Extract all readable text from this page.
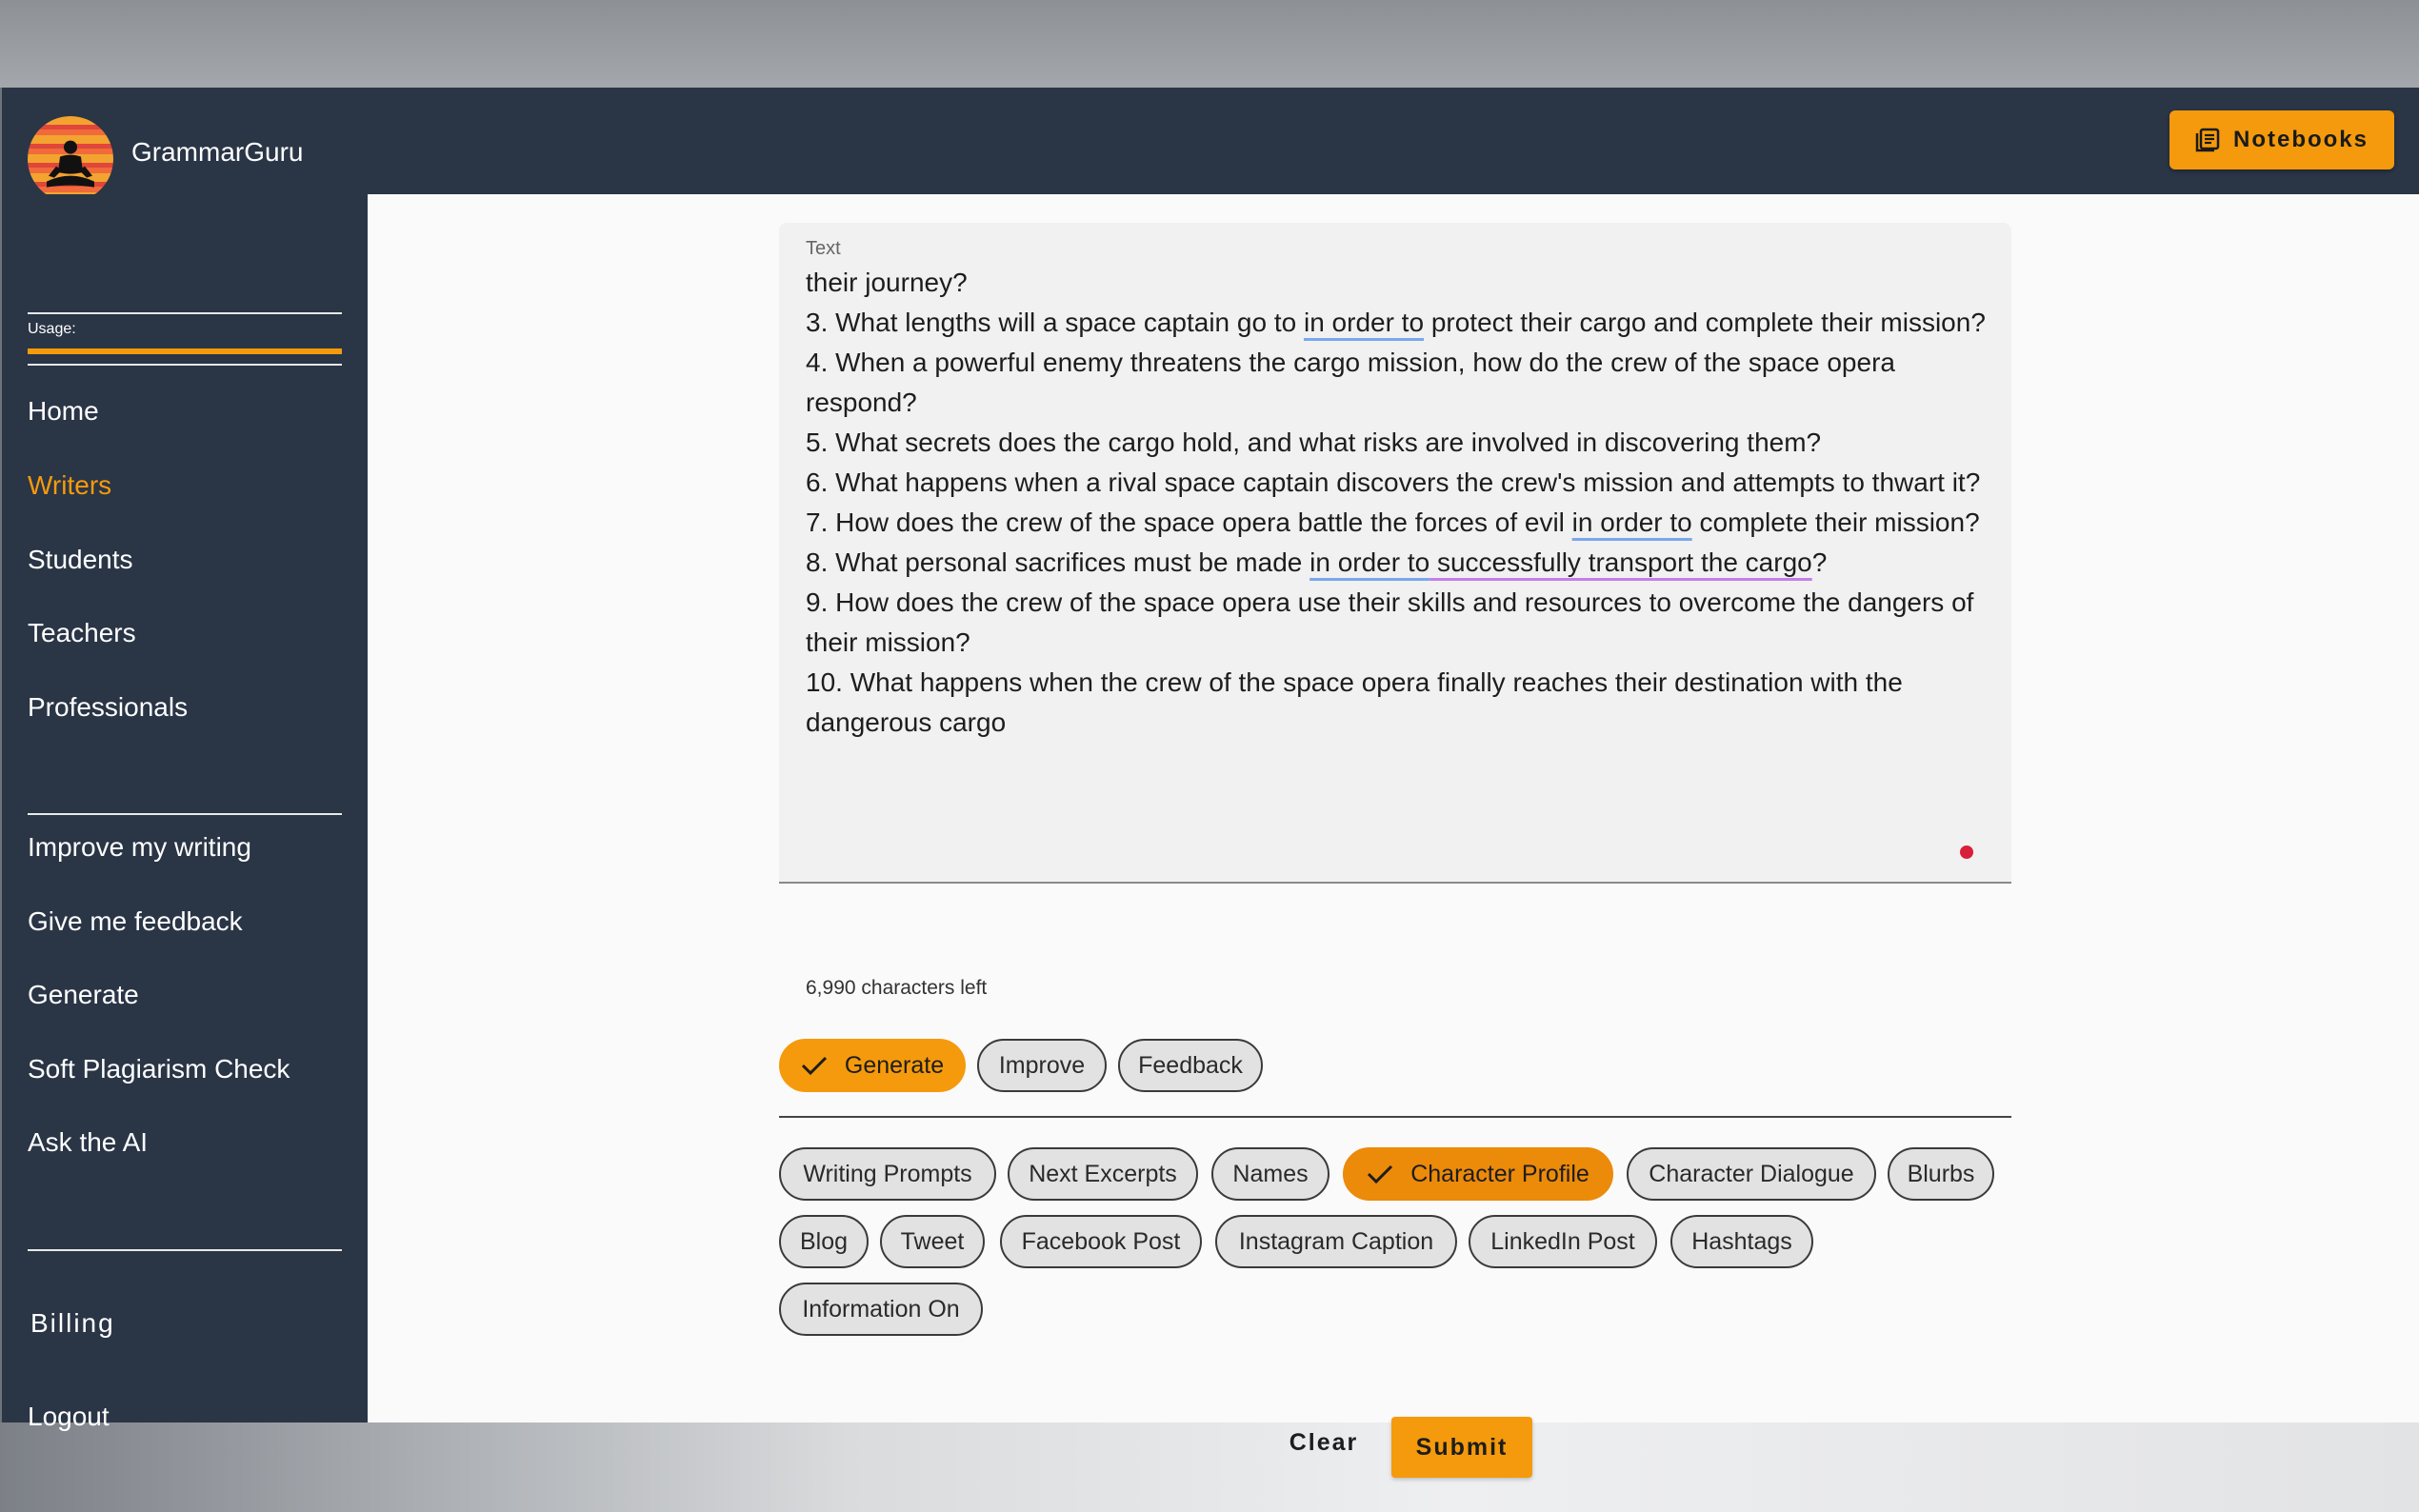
GrammarGuru	Notebooks
Usage:
Home
Writers
Students
Teachers
Professionals
Improve my writing
Give me feedback
Generate
Soft Plagiarism Check
Ask the AI
Billing
Logout
Text
their journey?
3. What lengths will a space captain go to in order to protect their cargo and complete their mission?
4. When a powerful enemy threatens the cargo mission, how do the crew of the space opera respond?
5. What secrets does the cargo hold, and what risks are involved in discovering them?
6. What happens when a rival space captain discovers the crew's mission and attempts to thwart it?
7. How does the crew of the space opera battle the forces of evil in order to complete their mission?
8. What personal sacrifices must be made in order to successfully transport the cargo?
9. How does the crew of the space opera use their skills and resources to overcome the dangers of their mission?
10. What happens when the crew of the space opera finally reaches their destination with the dangerous cargo
6,990 characters left
Generate Improve Feedback
Writing Prompts Next Excerpts Names	Character Profile	Character Dialogue Blurbs
Blog Tweet Facebook Post Instagram Caption LinkedIn Post Hashtags
Information On
Clear	Submit
